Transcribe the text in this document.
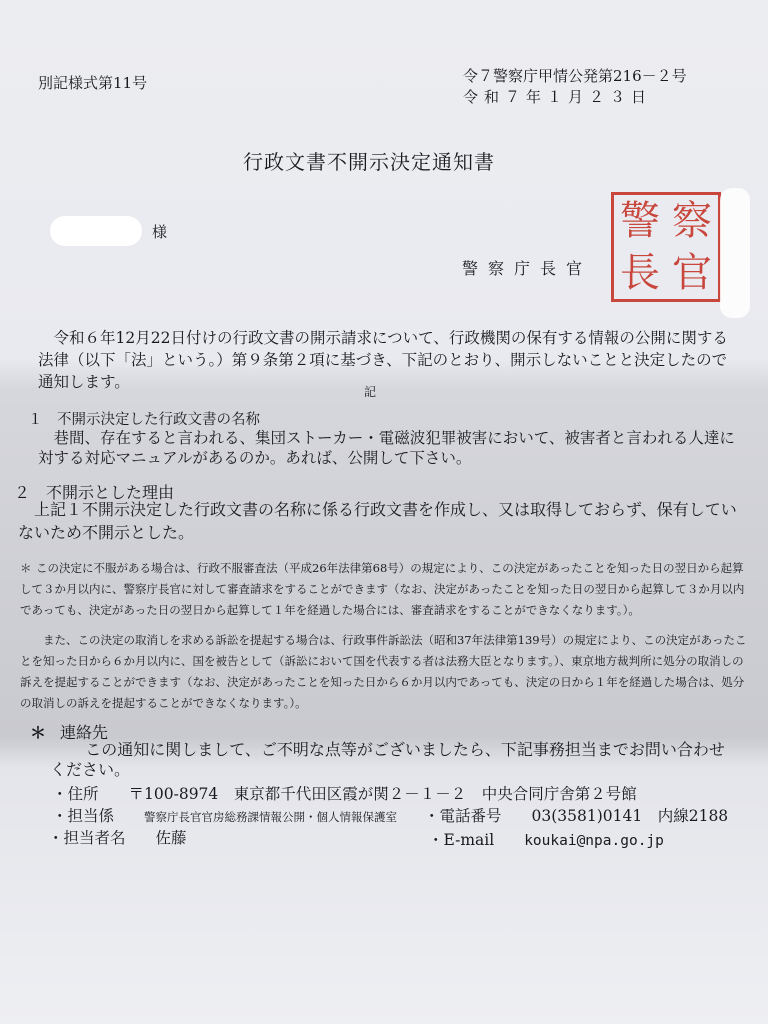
別記様式第11号	令７警察庁甲情公発第216－２号
令和７年１月２３日
行政文書不開示決定通知書
様
警察庁長官
警 察
長 官
令和６年12月22日付けの行政文書の開示請求について、行政機関の保有する情報の公開に関する法律（以下「法」という。）第９条第２項に基づき、下記のとおり、開示しないことと決定したので通知します。
記
１　不開示決定した行政文書の名称
巷間、存在すると言われる、集団ストーカー・電磁波犯罪被害において、被害者と言われる人達に対する対応マニュアルがあるのか。あれば、公開して下さい。
２　不開示とした理由
上記１不開示決定した行政文書の名称に係る行政文書を作成し、又は取得しておらず、保有していないため不開示とした。
＊ この決定に不服がある場合は、行政不服審査法（平成26年法律第68号）の規定により、この決定があったことを知った日の翌日から起算して３か月以内に、警察庁長官に対して審査請求をすることができます（なお、決定があったことを知った日の翌日から起算して３か月以内であっても、決定があった日の翌日から起算して１年を経過した場合には、審査請求をすることができなくなります。）。
また、この決定の取消しを求める訴訟を提起する場合は、行政事件訴訟法（昭和37年法律第139号）の規定により、この決定があったことを知った日から６か月以内に、国を被告として（訴訟において国を代表する者は法務大臣となります。）、東京地方裁判所に処分の取消しの訴えを提起することができます（なお、決定があったことを知った日から６か月以内であっても、決定の日から１年を経過した場合は、処分の取消しの訴えを提起することができなくなります。）。
＊ 連絡先
この通知に関しまして、ご不明な点等がございましたら、下記事務担当までお問い合わせください。
・住所 〒100-8974　東京都千代田区霞が関２－１－２　中央合同庁舎第２号館
・担当係	警察庁長官官房総務課情報公開・個人情報保護室 ・電話番号 03(3581)0141　内線2188
・担当者名 佐藤	・E-mail koukai@npa.go.jp
